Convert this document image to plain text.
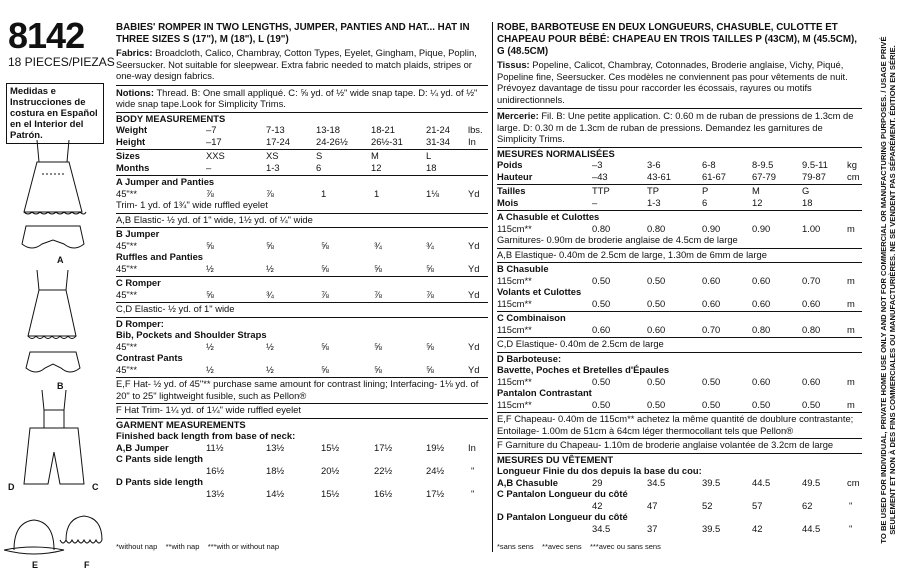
8142
18 PIECES/PIEZAS
Medidas e Instrucciones de costura en Español en el Interior del Patrón.
A
B
C
D
E	F

BABIES' ROMPER IN TWO LENGTHS, JUMPER, PANTIES AND HAT... HAT IN THREE SIZES S (17"), M (18"), L (19")

Fabrics: Broadcloth, Calico, Chambray, Cotton Types, Eyelet, Gingham, Pique, Poplin, Seersucker. Not suitable for sleepwear. Extra fabric needed to match plaids, stripes or one-way design fabrics.

Notions: Thread. B: One small appliqué. C: ⅝ yd. of ½" wide snap tape. D: ¼ yd. of ½" wide snap tape.Look for Simplicity Trims.

BODY MEASUREMENTS

Weight	–7	7-13	13-18	18-21	21-24 lbs.
Height	–17	17-24	24-26½ 26½-31 31-34 In
Sizes	XXS	XS	S	M	L
Months	–	1-3	6	12	18

A Jumper and Panties

45"**	⅞	⅞	1	1	1⅛	Yd

Trim- 1 yd. of 1¾" wide ruffled eyelet

A,B Elastic- ½ yd. of 1" wide, 1½ yd. of ¼" wide

B Jumper

45"**	⅝	⅝	⅝	¾	¾	Yd

Ruffles and Panties

45"**	½	½	⅝	⅝	⅝	Yd

C Romper

45"**	⅝	¾	⅞	⅞	⅞	Yd

C,D Elastic- ½ yd. of 1" wide

D Romper:

Bib, Pockets and Shoulder Straps

45"**	½	½	⅝	⅝	⅝	Yd

Contrast Pants

45"**	½	½	⅝	⅝	⅝	Yd

E,F Hat- ½ yd. of 45"** purchase same amount for contrast lining; Interfacing- 1⅛ yd. of 20" to 25" lightweight fusible, such as Pellon®

F Hat Trim- 1¼ yd. of 1¼" wide ruffled eyelet

GARMENT MEASUREMENTS

Finished back length from base of neck:

A,B Jumper	11½	13½	15½	17½	19½	In

C Pants side length

16½	18½	20½	22½	24½	"

D Pants side length

13½	14½	15½	16½	17½	"
*without nap    **with nap    ***with or without nap

ROBE, BARBOTEUSE EN DEUX LONGUEURS, CHASUBLE, CULOTTE ET CHAPEAU POUR BÉBÉ: CHAPEAU EN TROIS TAILLES P (43CM), M (45.5CM), G (48.5CM)

Tissus: Popeline, Calicot, Chambray, Cotonnades, Broderie anglaise, Vichy, Piqué, Popeline fine, Seersucker. Ces modèles ne conviennent pas pour vêtements de nuit. Prévoyez davantage de tissu pour raccorder les écossais, rayures ou motifs unidirectionnels.

Mercerie: Fil. B: Une petite application. C: 0.60 m de ruban de pressions de 1.3cm de large. D: 0.30 m de 1.3cm de ruban de pressions. Demandez les garnitures de Simplicity Trims.

MESURES NORMALISÉES

Poids	–3	3-6	6-8	8-9.5	9.5-11 kg
Hauteur	–43	43-61	61-67	67-79	79-87 cm
Tailles	TTP	TP	P	M	G
Mois	–	1-3	6	12	18

A Chasuble et Culottes

115cm**	0.80	0.80	0.90	0.90	1.00	m

Garnitures- 0.90m de broderie anglaise de 4.5cm de large

A,B Elastique- 0.40m de 2.5cm de large, 1.30m de 6mm de large

B Chasuble

115cm**	0.50	0.50	0.60	0.60	0.70	m

Volants et Culottes

115cm**	0.50	0.50	0.60	0.60	0.60	m

C Combinaison

115cm**	0.60	0.60	0.70	0.80	0.80	m

C,D Elastique- 0.40m de 2.5cm de large

D Barboteuse:

Bavette, Poches et Bretelles d'Épaules

115cm**	0.50	0.50	0.50	0.60	0.60	m

Pantalon Contrastant

115cm**	0.50	0.50	0.50	0.50	0.50	m

E,F Chapeau- 0.40m de 115cm** achetez la même quantité de doublure contrastante; Entoilage- 1.00m de 51cm à 64cm léger thermocollant tels que Pellon®

F Garniture du Chapeau- 1.10m de broderie anglaise volantée de 3.2cm de large

MESURES DU VÊTEMENT

Longueur Finie du dos depuis la base du cou:

A,B Chasuble	29	34.5	39.5	44.5	49.5	cm

C Pantalon Longueur du côté

42	47	52	57	62	"

D Pantalon Longueur du côté

34.5	37	39.5	42	44.5	"
*sans sens    **avec sens    ***avec ou sans sens
TO BE USED FOR INDIVIDUAL, PRIVATE HOME USE ONLY AND NOT FOR COMMERCIAL OR MANUFACTURING PURPOSES. / USAGE PRIVÉ SEULEMENT ET NON À DES FINS COMMERCIALES OU MANUFACTURIÈRES. NE SE VENDENT PAS SÉPARÉMENT. ÉDITION EN SÉRIE.
